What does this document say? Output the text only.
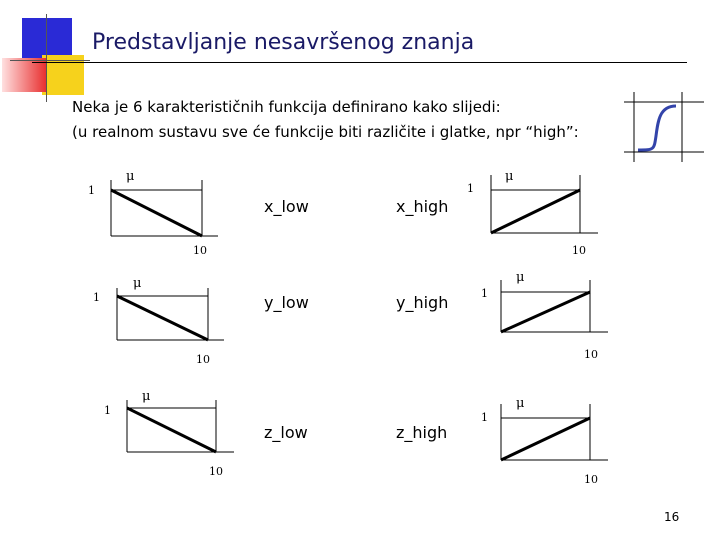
Predstavljanje nesavršenog znanja
Neka je 6 karakterističnih funkcija definirano kako slijedi:
(u realnom sustavu sve će funkcije biti različite i glatke, npr “high”:
1
μ
10
x_low	x_high
1
μ
10
1
μ
10
y_low	y_high	1
μ
10
1
μ
10
z_low	z_high
1
μ
10
16
